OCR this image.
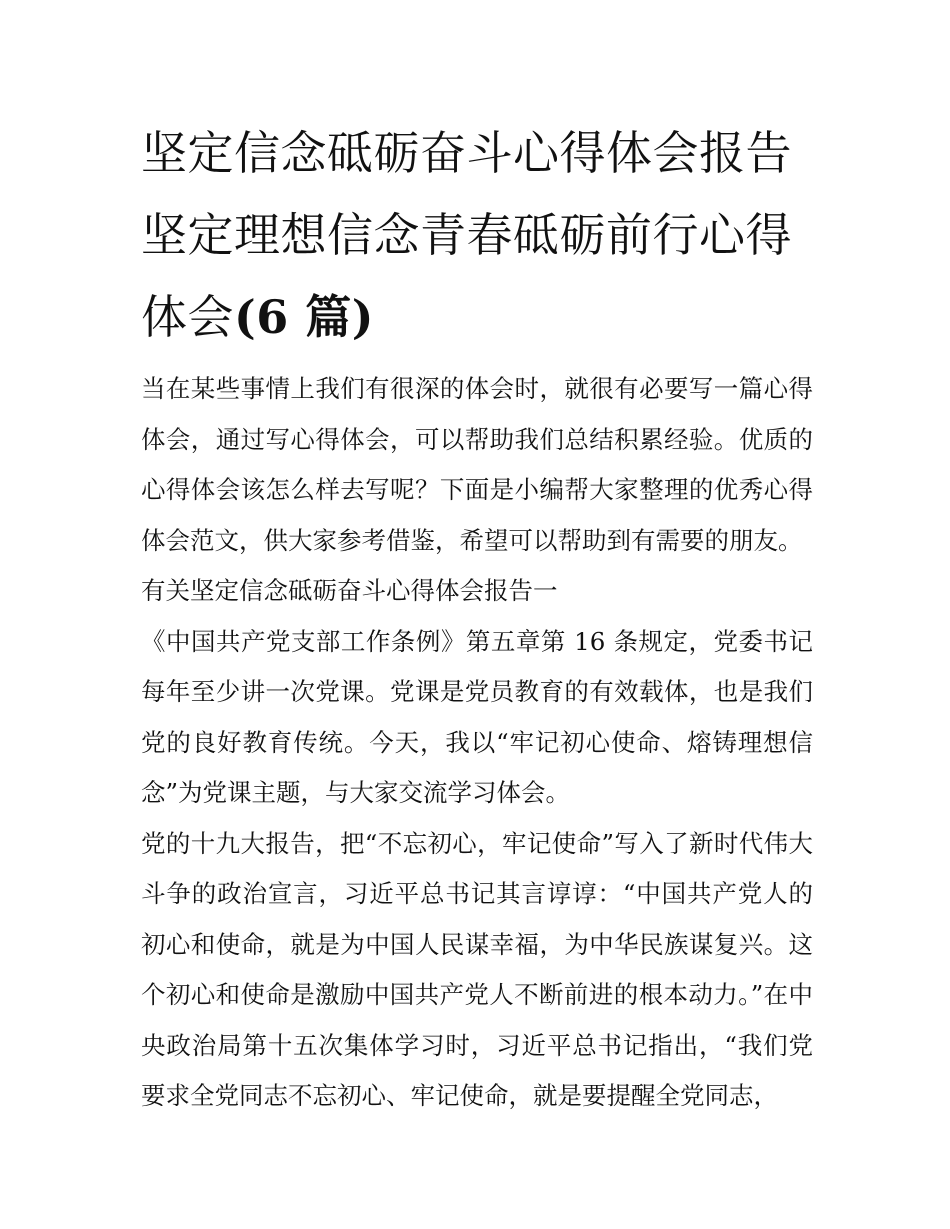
坚定信念砥砺奋斗心得体会报告 坚定理想信念青春砥砺前行心得体会(6 篇)

当在某些事情上我们有很深的体会时，就很有必要写一篇心得体会，通过写心得体会，可以帮助我们总结积累经验。优质的心得体会该怎么样去写呢？下面是小编帮大家整理的优秀心得体会范文，供大家参考借鉴，希望可以帮助到有需要的朋友。

有关坚定信念砥砺奋斗心得体会报告一

《中国共产党支部工作条例》第五章第 16 条规定，党委书记每年至少讲一次党课。党课是党员教育的有效载体，也是我们党的良好教育传统。今天，我以“牢记初心使命、熔铸理想信念”为党课主题，与大家交流学习体会。

党的十九大报告，把“不忘初心，牢记使命”写入了新时代伟大斗争的政治宣言，习近平总书记其言谆谆：“中国共产党人的初心和使命，就是为中国人民谋幸福，为中华民族谋复兴。这个初心和使命是激励中国共产党人不断前进的根本动力。”在中央政治局第十五次集体学习时，习近平总书记指出，“我们党要求全党同志不忘初心、牢记使命，就是要提醒全党同志，
